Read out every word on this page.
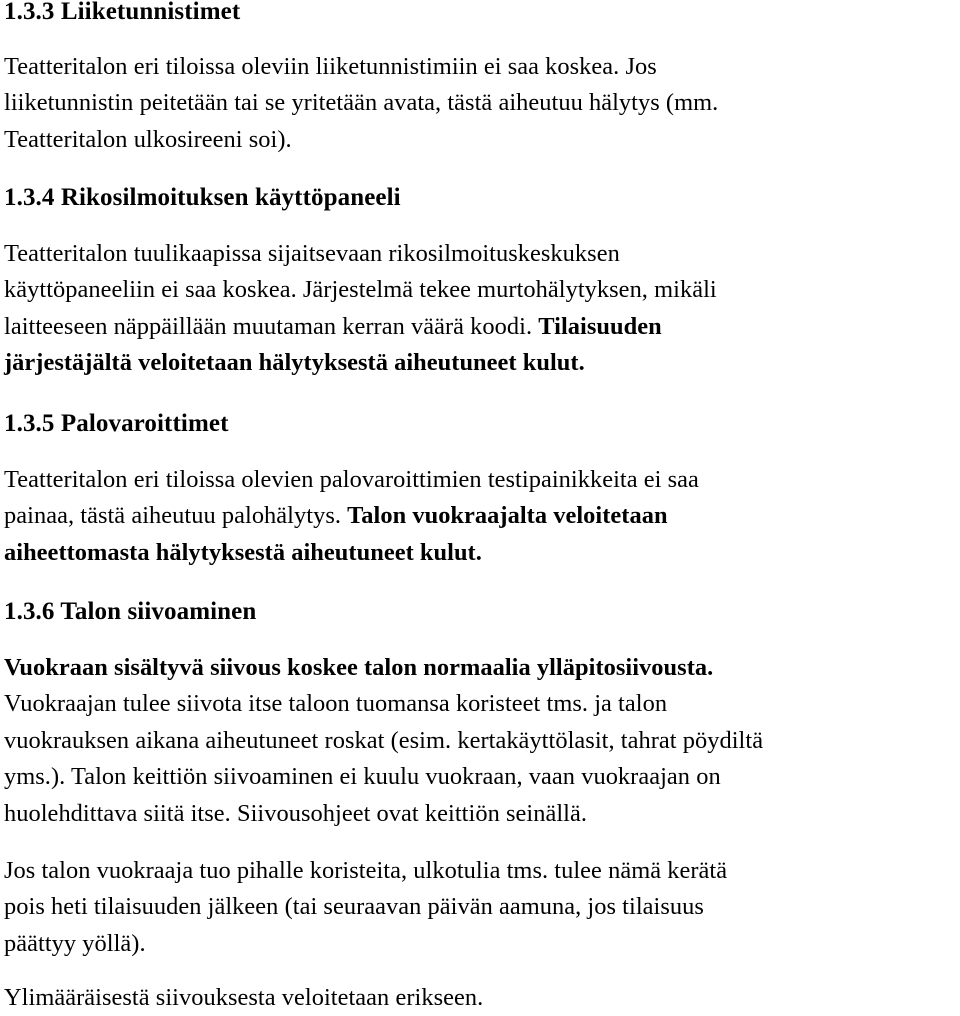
1.3.3 Liiketunnistimet

Teatteritalon eri tiloissa oleviin liiketunnistimiin ei saa koskea. Jos
liiketunnistin peitetään tai se yritetään avata, tästä aiheutuu hälytys (mm.
Teatteritalon ulkosireeni soi).

1.3.4 Rikosilmoituksen käyttöpaneeli

Teatteritalon tuulikaapissa sijaitsevaan rikosilmoituskeskuksen
käyttöpaneeliin ei saa koskea. Järjestelmä tekee murtohälytyksen, mikäli
laitteeseen näppäillään muutaman kerran väärä koodi. Tilaisuuden
järjestäjältä veloitetaan hälytyksestä aiheutuneet kulut.

1.3.5 Palovaroittimet

Teatteritalon eri tiloissa olevien palovaroittimien testipainikkeita ei saa
painaa, tästä aiheutuu palohälytys. Talon vuokraajalta veloitetaan
aiheettomasta hälytyksestä aiheutuneet kulut.

1.3.6 Talon siivoaminen

Vuokraan sisältyvä siivous koskee talon normaalia ylläpitosiivousta.
Vuokraajan tulee siivota itse taloon tuomansa koristeet tms. ja talon
vuokrauksen aikana aiheutuneet roskat (esim. kertakäyttölasit, tahrat pöydiltä
yms.). Talon keittiön siivoaminen ei kuulu vuokraan, vaan vuokraajan on
huolehdittava siitä itse. Siivousohjeet ovat keittiön seinällä.

Jos talon vuokraaja tuo pihalle koristeita, ulkotulia tms. tulee nämä kerätä
pois heti tilaisuuden jälkeen (tai seuraavan päivän aamuna, jos tilaisuus
päättyy yöllä).

Ylimääräisestä siivouksesta veloitetaan erikseen.
